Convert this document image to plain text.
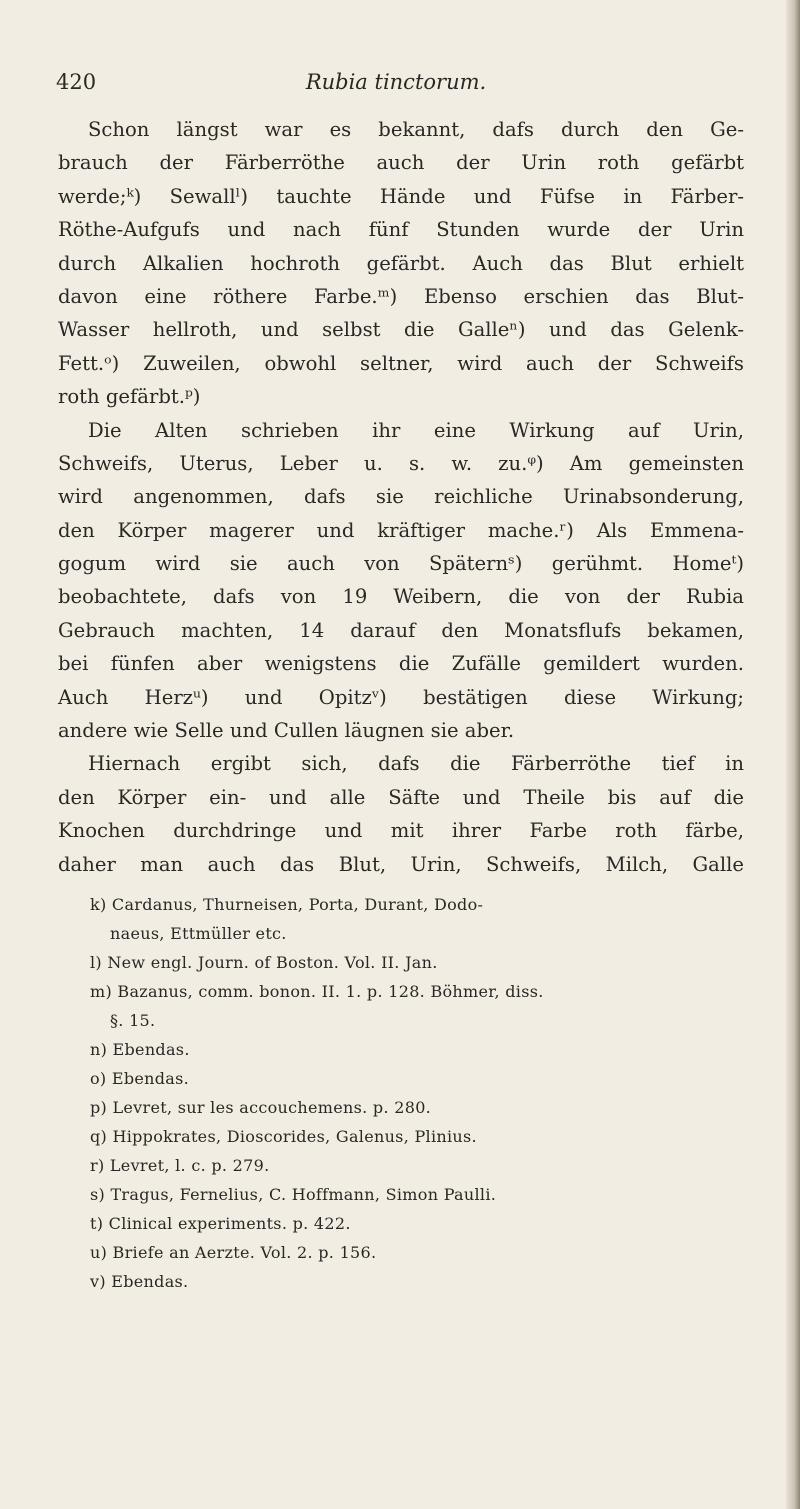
420	Rubia tinctorum.
Schon längst war es bekannt, dafs durch den Ge-
brauch der Färberröthe auch der Urin roth gefärbt
werde;ᵏ) Sewallˡ) tauchte Hände und Füfse in Färber-
Röthe-Aufgufs und nach fünf Stunden wurde der Urin
durch Alkalien hochroth gefärbt. Auch das Blut erhielt
davon eine röthere Farbe.ᵐ) Ebenso erschien das Blut-
Wasser hellroth, und selbst die Galleⁿ) und das Gelenk-
Fett.ᵒ) Zuweilen, obwohl seltner, wird auch der Schweifs
roth gefärbt.ᵖ)
Die Alten schrieben ihr eine Wirkung auf Urin,
Schweifs, Uterus, Leber u. s. w. zu.ᵠ) Am gemeinsten
wird angenommen, dafs sie reichliche Urinabsonderung,
den Körper magerer und kräftiger mache.ʳ) Als Emmena-
gogum wird sie auch von Späternˢ) gerühmt. Homeᵗ)
beobachtete, dafs von 19 Weibern, die von der Rubia
Gebrauch machten, 14 darauf den Monatsflufs bekamen,
bei fünfen aber wenigstens die Zufälle gemildert wurden.
Auch Herzᵘ) und Opitzᵛ) bestätigen diese Wirkung;
andere wie Selle und Cullen läugnen sie aber.
Hiernach ergibt sich, dafs die Färberröthe tief in
den Körper ein- und alle Säfte und Theile bis auf die
Knochen durchdringe und mit ihrer Farbe roth färbe,
daher man auch das Blut, Urin, Schweifs, Milch, Galle
k) Cardanus, Thurneisen, Porta, Durant, Dodo-
naeus, Ettmüller etc.
l) New engl. Journ. of Boston. Vol. II. Jan.
m) Bazanus, comm. bonon. II. 1. p. 128. Böhmer, diss.
§. 15.
n) Ebendas.
o) Ebendas.
p) Levret, sur les accouchemens. p. 280.
q) Hippokrates, Dioscorides, Galenus, Plinius.
r) Levret, l. c. p. 279.
s) Tragus, Fernelius, C. Hoffmann, Simon Paulli.
t) Clinical experiments. p. 422.
u) Briefe an Aerzte. Vol. 2. p. 156.
v) Ebendas.
